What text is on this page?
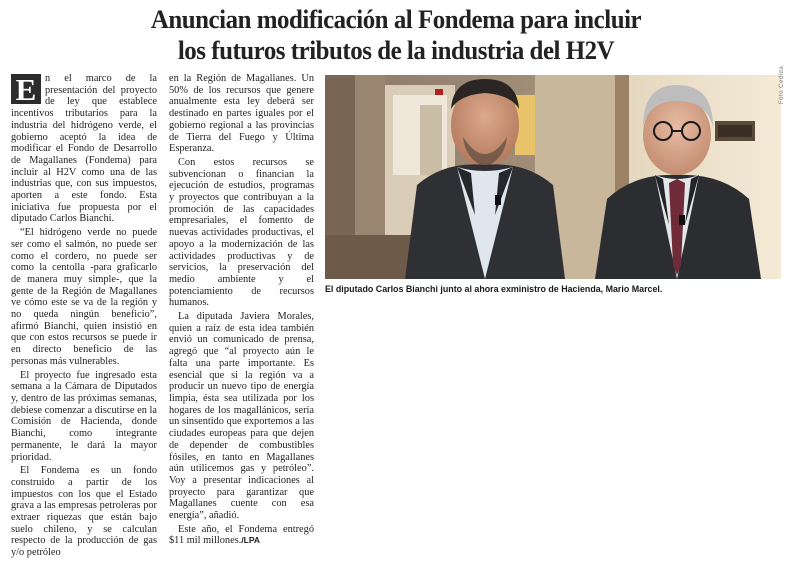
Anuncian modificación al Fondema para incluir
los futuros tributos de la industria del H2V

E n el marco de la presentación del proyecto de ley que establece incentivos tributarios para la industria del hidrógeno verde, el gobierno aceptó la idea de modificar el Fondo de Desarrollo de Magallanes (Fondema) para incluir al H2V como una de las industrias que, con sus impuestos, aporten a este fondo. Esta iniciativa fue propuesta por el diputado Carlos Bianchi.

“El hidrógeno verde no puede ser como el salmón, no puede ser como el cordero, no puede ser como la centolla -para graficarlo de manera muy simple-, que la gente de la Región de Magallanes ve cómo este se va de la región y no queda ningún beneficio”, afirmó Bianchi, quien insistió en que con estos recursos se puede ir en directo beneficio de las personas más vulnerables.

El proyecto fue ingresado esta semana a la Cámara de Diputados y, dentro de las próximas semanas, debiese comenzar a discutirse en la Comisión de Hacienda, donde Bianchi, como integrante permanente, le dará la mayor prioridad.

El Fondema es un fondo construido a partir de los impuestos con los que el Estado grava a las empresas petroleras por extraer riquezas que están bajo suelo chileno, y se calculan respecto de la producción de gas y/o petróleo

en la Región de Magallanes. Un 50% de los recursos que genere anualmente esta ley deberá ser destinado en partes iguales por el gobierno regional a las provincias de Tierra del Fuego y Última Esperanza.

Con estos recursos se subvencionan o financian la ejecución de estudios, programas y proyectos que contribuyan a la promoción de las capacidades empresariales, el fomento de nuevas actividades productivas, el apoyo a la modernización de las actividades productivas y de servicios, la preservación del medio ambiente y el potenciamiento de recursos humanos.

La diputada Javiera Morales, quien a raíz de esta idea también envió un comunicado de prensa, agregó que “al proyecto aún le falta una parte importante. Es esencial que si la región va a producir un nuevo tipo de energía limpia, ésta sea utilizada por los hogares de los magallánicos, sería un sinsentido que exportemos a las ciudades europeas para que dejen de depender de combustibles fósiles, en tanto en Magallanes aún utilicemos gas y petróleo”. Voy a presentar indicaciones al proyecto para garantizar que Magallanes cuente con esa energía”, añadió.

Este año, el Fondema entregó $11 mil millones./LPA

Foto Cedida
El diputado Carlos Bianchi junto al ahora exministro de Hacienda, Mario Marcel.
